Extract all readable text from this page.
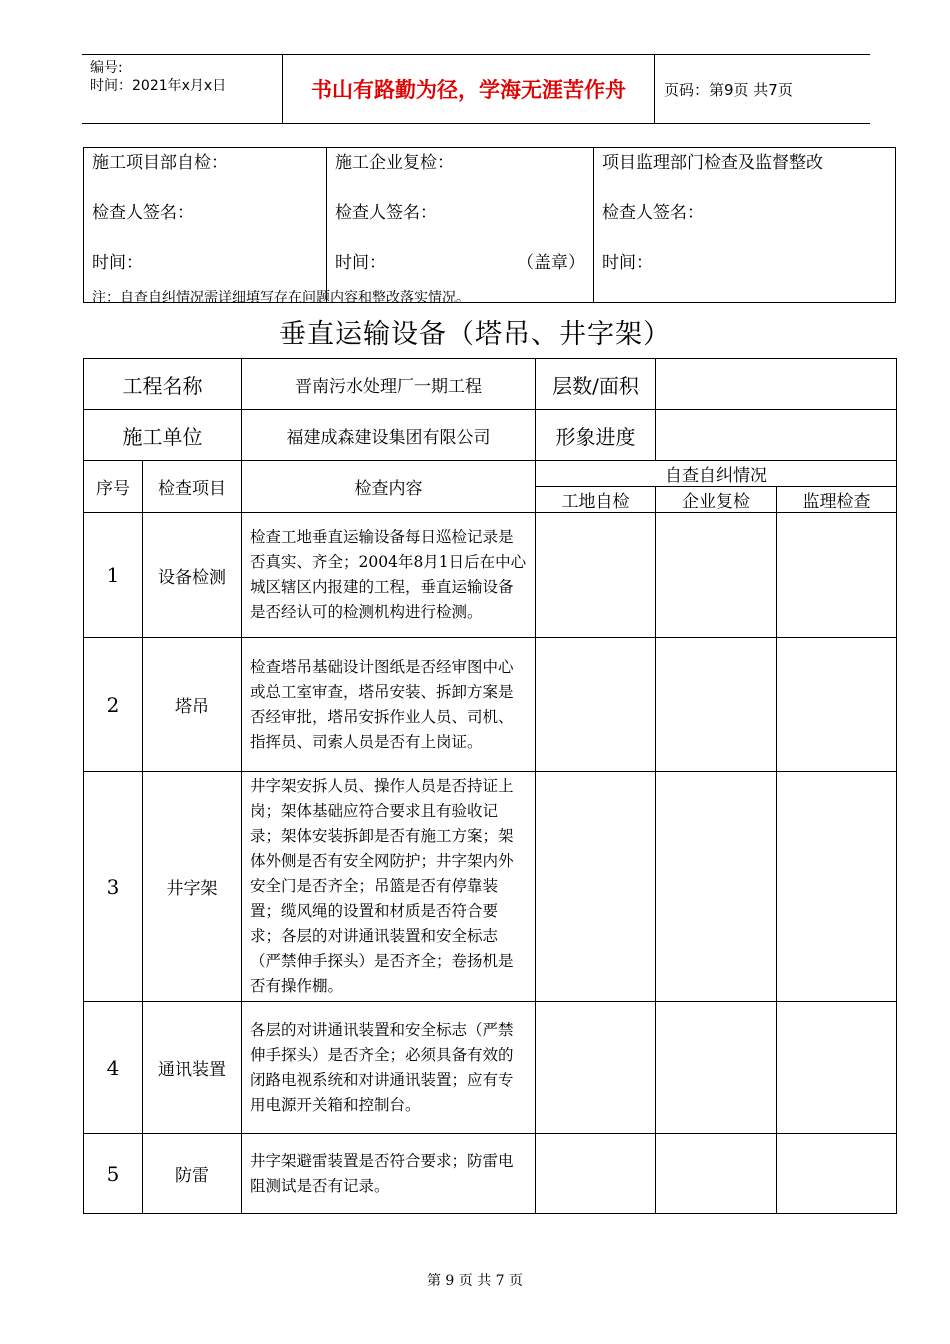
编号:
时间：2021年x月x日	书山有路勤为径，学海无涯苦作舟	页码：第9页 共7页
施工项目部自检：
检查人签名：
时间：

施工企业复检：
检查人签名：
时间：	（盖章）

项目监理部门检查及监督整改
检查人签名：
时间：
注：自查自纠情况需详细填写存在问题内容和整改落实情况。
垂直运输设备（塔吊、井字架）
工程名称		晋南污水处理厂一期工程	层数/面积		
施工单位		福建成森建设集团有限公司	形象进度		
序号	检查项目	检查内容	自查自纠情况		
			工地自检	企业复检	监理检查
1	设备检测	检查工地垂直运输设备每日巡检记录是否真实、齐全；2004年8月1日后在中心城区辖区内报建的工程，垂直运输设备是否经认可的检测机构进行检测。			
2	塔吊	检查塔吊基础设计图纸是否经审图中心或总工室审查，塔吊安装、拆卸方案是否经审批，塔吊安拆作业人员、司机、指挥员、司索人员是否有上岗证。			
3	井字架	井字架安拆人员、操作人员是否持证上岗；架体基础应符合要求且有验收记录；架体安装拆卸是否有施工方案；架体外侧是否有安全网防护；井字架内外安全门是否齐全；吊篮是否有停靠装置；缆风绳的设置和材质是否符合要求；各层的对讲通讯装置和安全标志（严禁伸手探头）是否齐全；卷扬机是否有操作棚。			
4	通讯装置	各层的对讲通讯装置和安全标志（严禁伸手探头）是否齐全；必须具备有效的闭路电视系统和对讲通讯装置；应有专用电源开关箱和控制台。			
5	防雷	井字架避雷装置是否符合要求；防雷电阻测试是否有记录。			
第 9 页 共 7 页
